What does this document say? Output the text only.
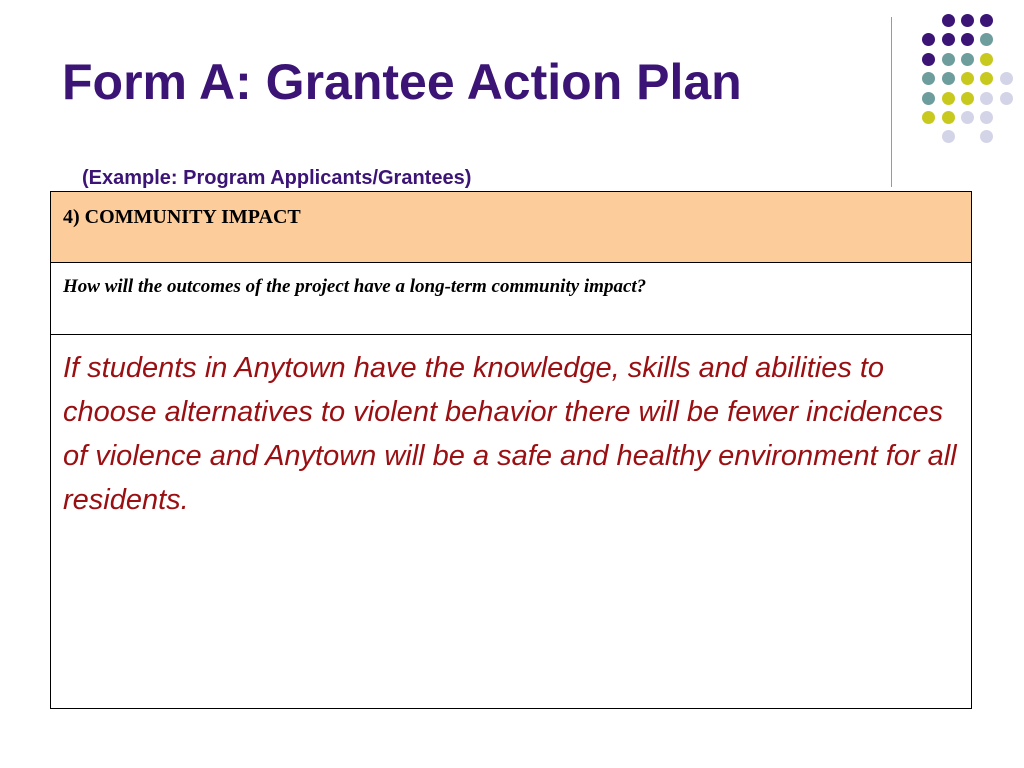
Form A: Grantee Action Plan
(Example: Program Applicants/Grantees)
4) COMMUNITY IMPACT
How will the outcomes of the project have a long-term community impact?
If students in Anytown have the knowledge, skills and abilities to choose alternatives to violent behavior there will be fewer incidences of violence and Anytown will be a safe and healthy environment for all residents.
